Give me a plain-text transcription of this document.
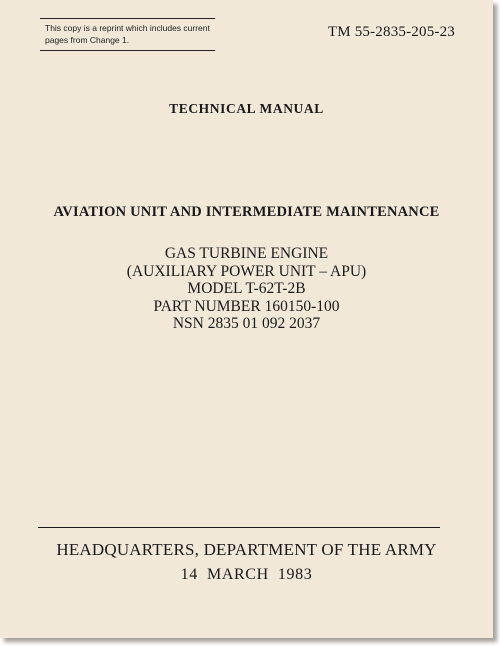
This copy is a reprint which includes current
pages from Change 1.	TM 55-2835-205-23
TECHNICAL MANUAL
AVIATION UNIT AND INTERMEDIATE MAINTENANCE
GAS TURBINE ENGINE
(AUXILIARY POWER UNIT – APU)
MODEL T-62T-2B
PART NUMBER 160150-100
NSN 2835 01 092 2037
HEADQUARTERS, DEPARTMENT OF THE ARMY
14  MARCH  1983
